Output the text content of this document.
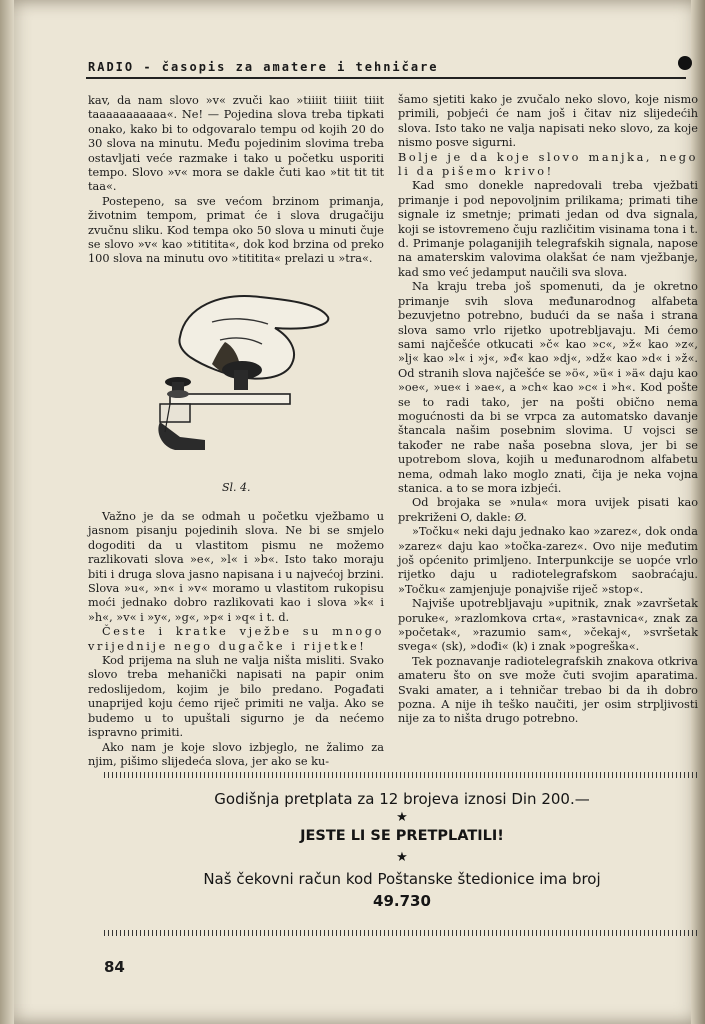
RADIO - časopis za amatere i tehničare

kav, da nam slovo »v« zvuči kao »tiiiit tiiiit tiiit taaaaaaaaaaa«. Ne! — Pojedina slova treba tipkati onako, kako bi to odgovaralo tempu od kojih 20 do 30 slova na minutu. Među pojedinim slovima treba ostavljati veće razmake i tako u početku usporiti tempo. Slovo »v« mora se dakle čuti kao »tit tit tit taa«.

Postepeno, sa sve većom brzinom primanja, životnim tempom, primat će i slova drugačiju zvučnu sliku. Kod tempa oko 50 slova u minuti čuje se slovo »v« kao »titititа«, dok kod brzina od preko 100 slova na minutu ovo »tititita« prelazi u »tra«.

Sl. 4.

Važno je da se odmah u početku vježbamo u jasnom pisanju pojedinih slova. Ne bi se smjelo dogoditi da u vlastitom pismu ne možemo razlikovati slova »e«, »l« i »b«. Isto tako moraju biti i druga slova jasno napisana i u najvećoj brzini. Slova »u«, »n« i »v« moramo u vlastitom rukopisu moći jednako dobro razlikovati kao i slova »k« i »h«, »v« i »y«, »g«, »p« i »q« i t. d.

Česte i kratke vježbe su mnogo vrijednije nego dugačke i rijetke!

Kod prijema na sluh ne valja ništa misliti. Svako slovo treba mehanički napisati na papir onim redoslijedom, kojim je bilo predano. Pogađati unaprijed koju ćemo riječ primiti ne valja. Ako se budemo u to upuštali sigurno je da nećemo ispravno primiti.

Ako nam je koje slovo izbjeglo, ne žalimo za njim, pišimo slijedeća slova, jer ako se ku-

šamo sjetiti kako je zvučalo neko slovo, koje nismo primili, pobjeći će nam još i čitav niz slijedećih slova. Isto tako ne valja napisati neko slovo, za koje nismo posve sigurni.

Bolje je da koje slovo manjka, nego li da pišemo krivo!

Kad smo donekle napredovali treba vježbati primanje i pod nepovoljnim prilikama; primati tihe signale iz smetnje; primati jedan od dva signala, koji se istovremeno čuju različitim visinama tona i t. d. Primanje polaganijih telegrafskih signala, napose na amaterskim valovima olakšat će nam vježbanje, kad smo već jedamput naučili sva slova.

Na kraju treba još spomenuti, da je okretno primanje svih slova međunarodnog alfabeta bezuvjetno potrebno, budući da se naša i strana slova samo vrlo rijetko upotrebljavaju. Mi ćemo sami najčešće otkucati »č« kao »c«, »ž« kao »z«, »lj« kao »l« i »j«, »đ« kao »dj«, »dž« kao »d« i »ž«. Od stranih slova najčešće se »ö«, »ü« i »ä« daju kao »oe«, »ue« i »ae«, a »ch« kao »c« i »h«. Kod pošte se to radi tako, jer na pošti obično nema mogućnosti da bi se vrpca za automatsko davanje štancala našim posebnim slovima. U vojsci se također ne rabe naša posebna slova, jer bi se upotrebom slova, kojih u međunarodnom alfabetu nema, odmah lako moglo znati, čija je neka vojna stanica. a to se mora izbjeći.

Od brojaka se »nula« mora uvijek pisati kao prekriženi O, dakle: Ø.

»Točku« neki daju jednako kao »zarez«, dok onda »zarez« daju kao »točka-zarez«. Ovo nije međutim još općenito primljeno. Interpunkcije se uopće vrlo rijetko daju u radiotelegrafskom saobraćaju. »Točku« zamjenjuje ponajviše riječ »stop«.

Najviše upotrebljavaju »upitnik, znak »završetak poruke«, »razlomkova crta«, »rastavnica«, znak za »početak«, »razumio sam«, »čekaj«, »svršetak svega« (sk), »dođi« (k) i znak »pogreška«.

Tek poznavanje radiotelegrafskih znakova otkriva amateru što on sve može čuti svojim aparatima. Svaki amater, a i tehničar trebao bi da ih dobro pozna. A nije ih teško naučiti, jer osim strpljivosti nije za to ništa drugo potrebno.

Godišnja pretplata za 12 brojeva iznosi Din 200.—
★
JESTE LI SE PRETPLATILI!
★
Naš čekovni račun kod Poštanske štedionice ima broj
49.730
84
